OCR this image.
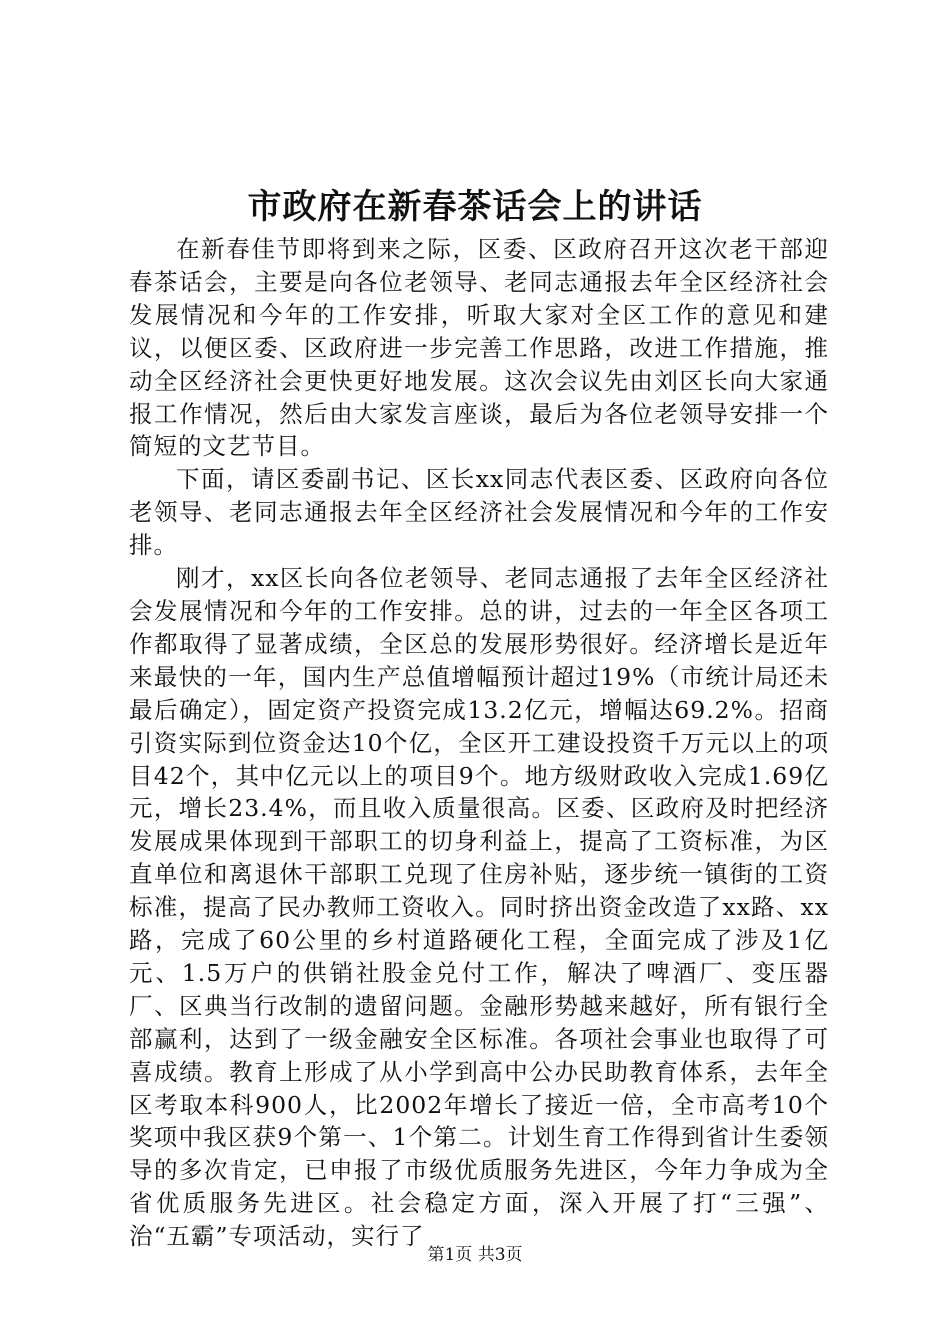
市政府在新春茶话会上的讲话

在新春佳节即将到来之际，区委、区政府召开这次老干部迎春茶话会，主要是向各位老领导、老同志通报去年全区经济社会发展情况和今年的工作安排，听取大家对全区工作的意见和建议，以便区委、区政府进一步完善工作思路，改进工作措施，推动全区经济社会更快更好地发展。这次会议先由刘区长向大家通报工作情况，然后由大家发言座谈，最后为各位老领导安排一个简短的文艺节目。

下面，请区委副书记、区长xx同志代表区委、区政府向各位老领导、老同志通报去年全区经济社会发展情况和今年的工作安排。

刚才，xx区长向各位老领导、老同志通报了去年全区经济社会发展情况和今年的工作安排。总的讲，过去的一年全区各项工作都取得了显著成绩，全区总的发展形势很好。经济增长是近年来最快的一年，国内生产总值增幅预计超过19%（市统计局还未最后确定），固定资产投资完成13.2亿元，增幅达69.2%。招商引资实际到位资金达10个亿，全区开工建设投资千万元以上的项目42个，其中亿元以上的项目9个。地方级财政收入完成1.69亿元，增长23.4%，而且收入质量很高。区委、区政府及时把经济发展成果体现到干部职工的切身利益上，提高了工资标准，为区直单位和离退休干部职工兑现了住房补贴，逐步统一镇街的工资标准，提高了民办教师工资收入。同时挤出资金改造了xx路、xx路，完成了60公里的乡村道路硬化工程，全面完成了涉及1亿元、1.5万户的供销社股金兑付工作，解决了啤酒厂、变压器厂、区典当行改制的遗留问题。金融形势越来越好，所有银行全部赢利，达到了一级金融安全区标准。各项社会事业也取得了可喜成绩。教育上形成了从小学到高中公办民助教育体系，去年全区考取本科900人，比2002年增长了接近一倍，全市高考10个奖项中我区获9个第一、1个第二。计划生育工作得到省计生委领导的多次肯定，已申报了市级优质服务先进区，今年力争成为全省优质服务先进区。社会稳定方面，深入开展了打“三强”、治“五霸”专项活动，实行了

第1页 共3页
